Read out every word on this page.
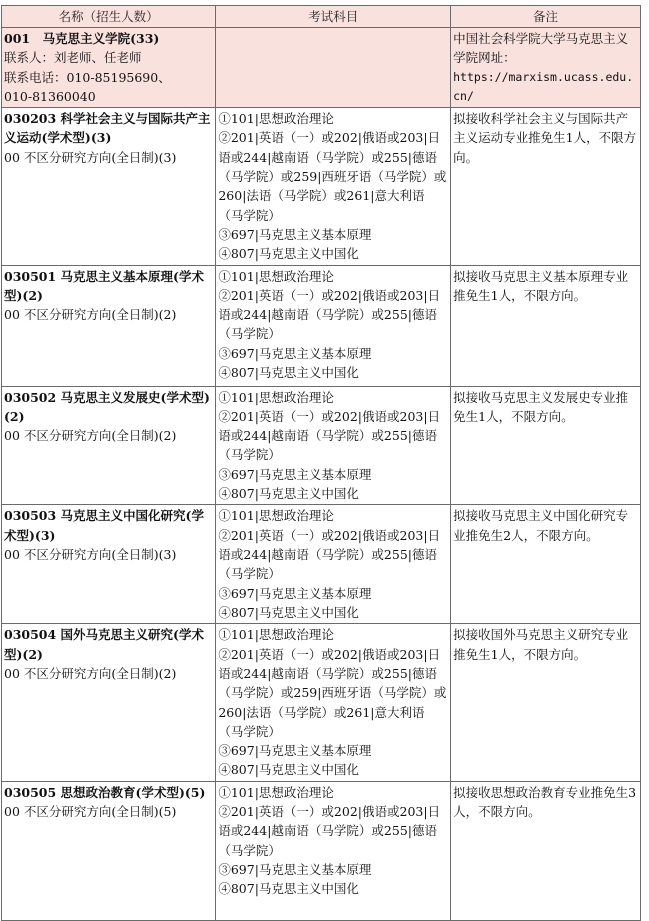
名称（招生人数）	考试科目	备注

001　马克思主义学院(33)
联系人：刘老师、任老师
联系电话：010-85195690、
010-81360040		中国社会科学院大学马克思主义学院网址：
https://marxism.ucass.edu.cn/

030203 科学社会主义与国际共产主义运动(学术型)(3)
00 不区分研究方向(全日制)(3)	①101|思想政治理论
②201|英语（一）或202|俄语或203|日语或244|越南语（马学院）或255|德语（马学院）或259|西班牙语（马学院）或260|法语（马学院）或261|意大利语（马学院）
③697|马克思主义基本原理
④807|马克思主义中国化	拟接收科学社会主义与国际共产主义运动专业推免生1人，不限方向。

030501 马克思主义基本原理(学术型)(2)
00 不区分研究方向(全日制)(2)	①101|思想政治理论
②201|英语（一）或202|俄语或203|日语或244|越南语（马学院）或255|德语（马学院）
③697|马克思主义基本原理
④807|马克思主义中国化	拟接收马克思主义基本原理专业推免生1人，不限方向。

030502 马克思主义发展史(学术型)(2)
00 不区分研究方向(全日制)(2)	①101|思想政治理论
②201|英语（一）或202|俄语或203|日语或244|越南语（马学院）或255|德语（马学院）
③697|马克思主义基本原理
④807|马克思主义中国化	拟接收马克思主义发展史专业推免生1人，不限方向。

030503 马克思主义中国化研究(学术型)(3)
00 不区分研究方向(全日制)(3)	①101|思想政治理论
②201|英语（一）或202|俄语或203|日语或244|越南语（马学院）或255|德语（马学院）
③697|马克思主义基本原理
④807|马克思主义中国化	拟接收马克思主义中国化研究专业推免生2人，不限方向。

030504 国外马克思主义研究(学术型)(2)
00 不区分研究方向(全日制)(2)	①101|思想政治理论
②201|英语（一）或202|俄语或203|日语或244|越南语（马学院）或255|德语（马学院）或259|西班牙语（马学院）或260|法语（马学院）或261|意大利语（马学院）
③697|马克思主义基本原理
④807|马克思主义中国化	拟接收国外马克思主义研究专业推免生1人，不限方向。

030505 思想政治教育(学术型)(5)
00 不区分研究方向(全日制)(5)	①101|思想政治理论
②201|英语（一）或202|俄语或203|日语或244|越南语（马学院）或255|德语（马学院）
③697|马克思主义基本原理
④807|马克思主义中国化	拟接收思想政治教育专业推免生3人，不限方向。
